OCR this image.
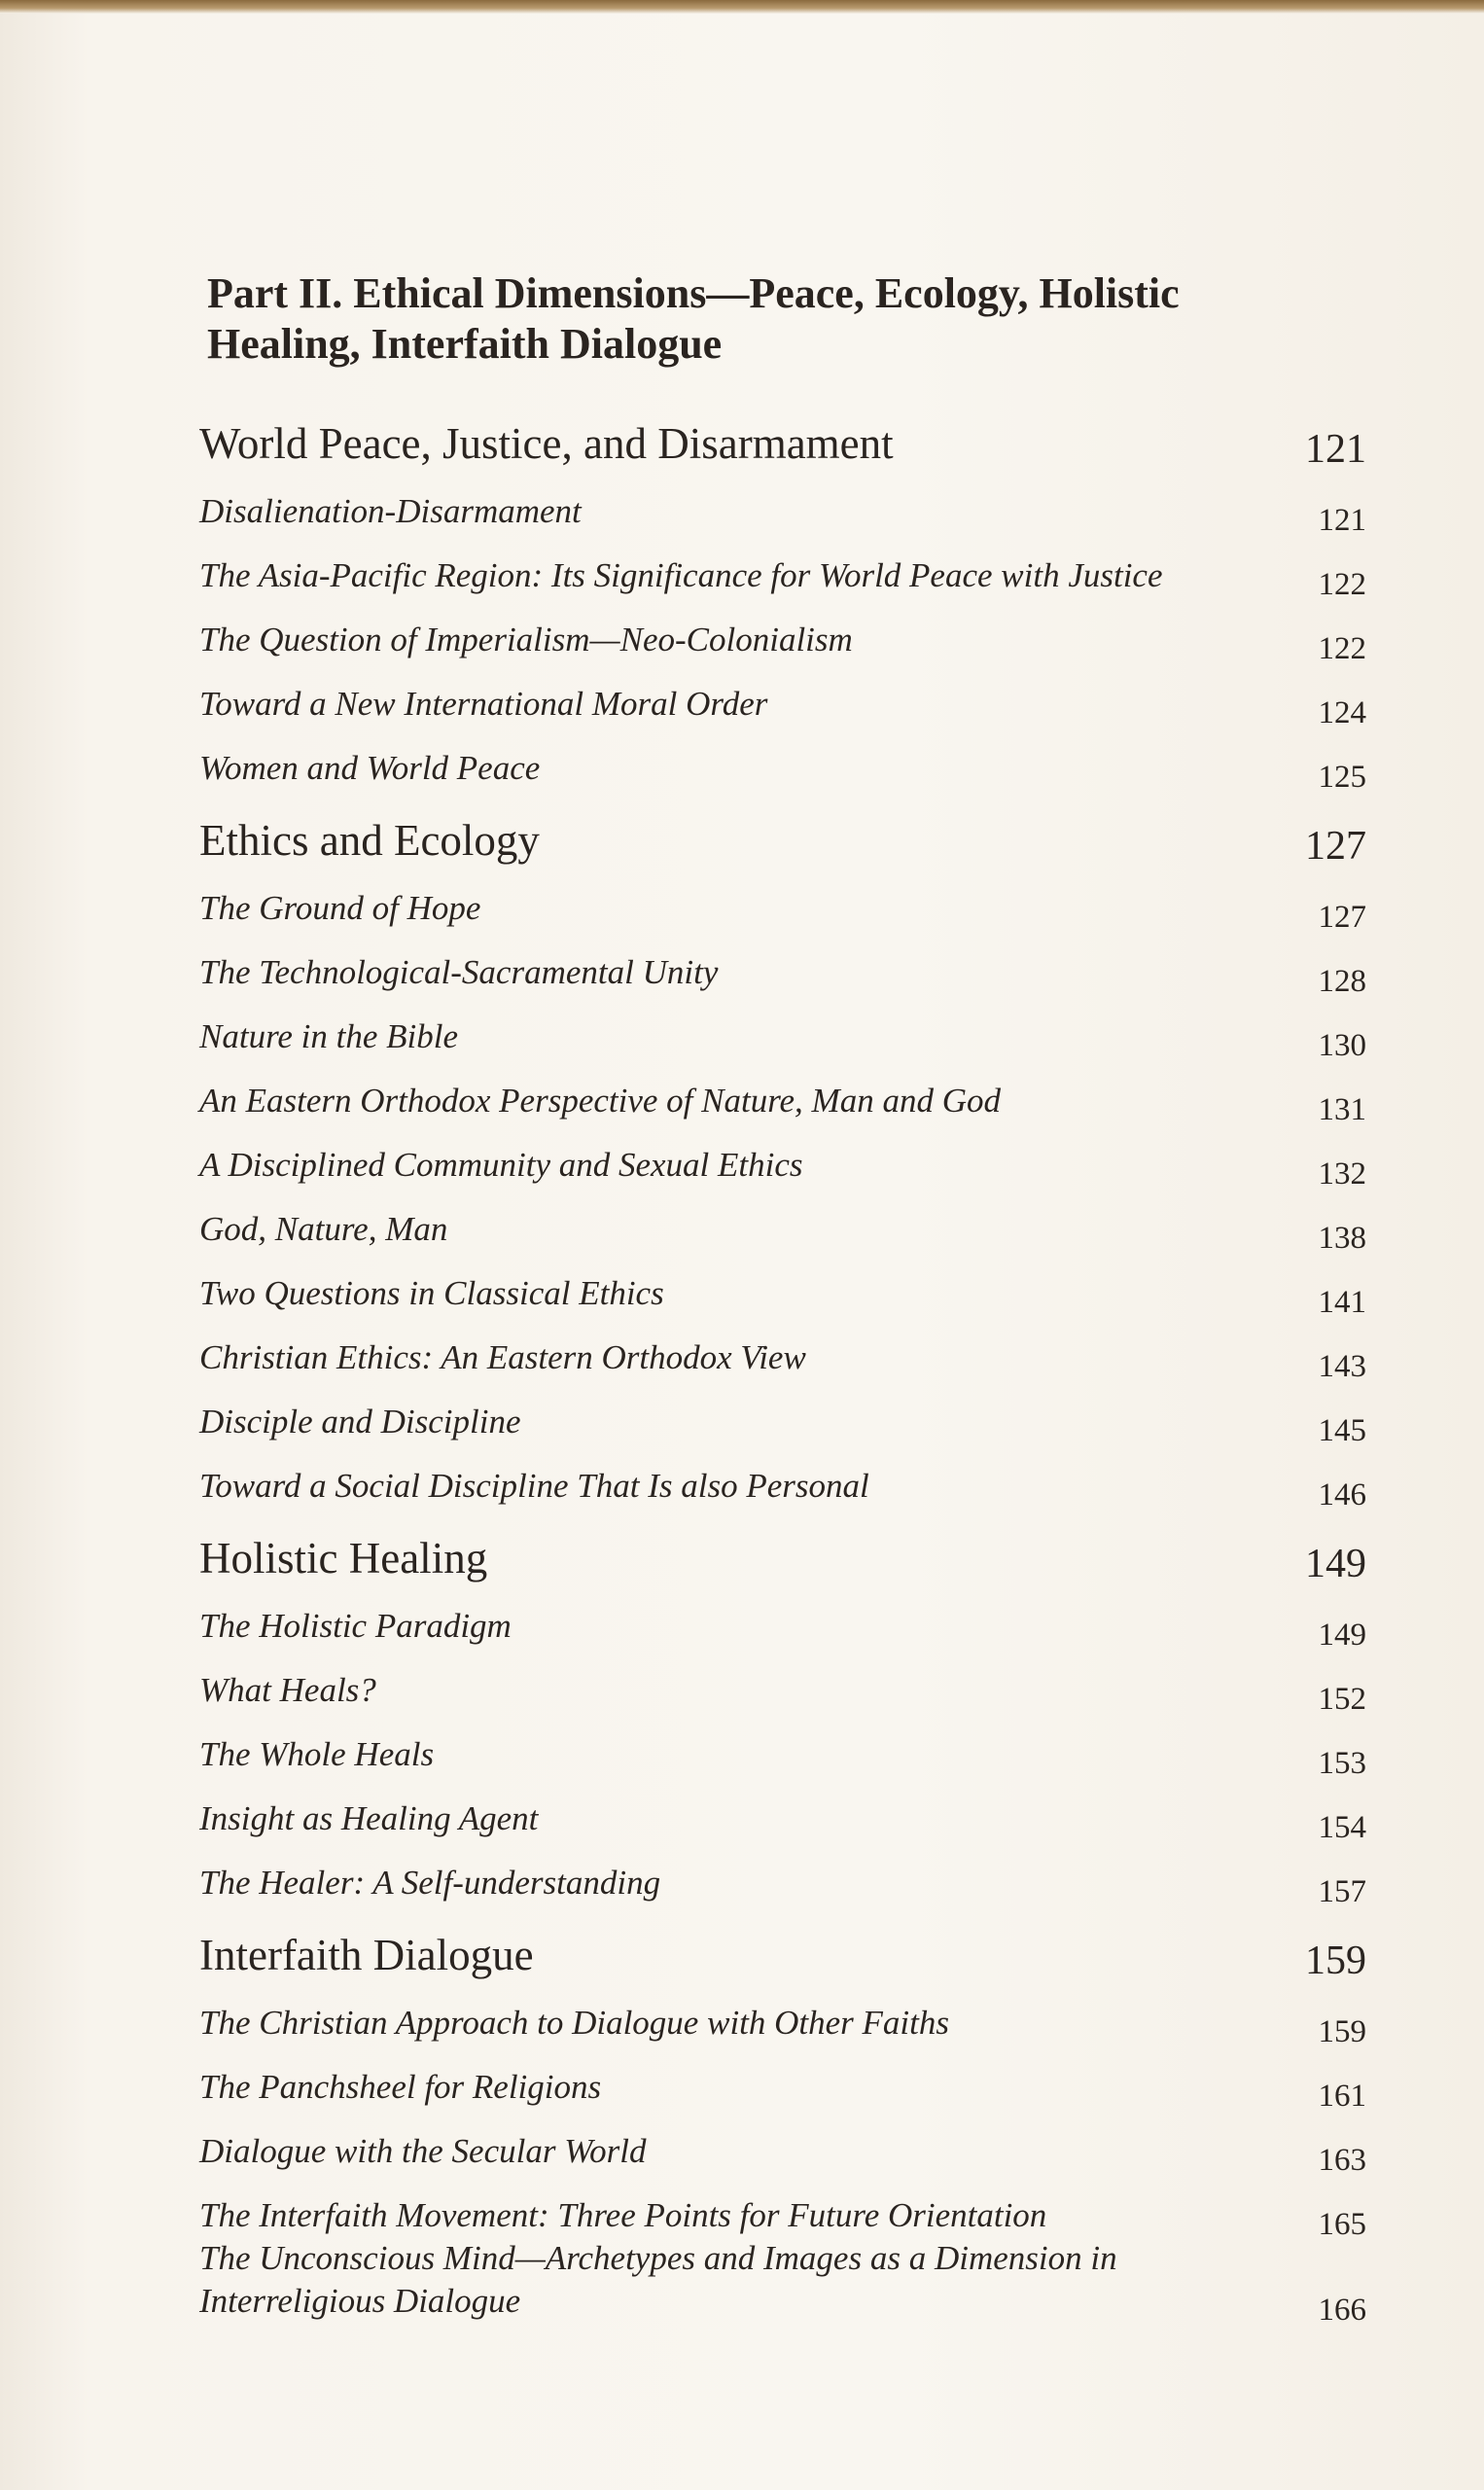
Part II. Ethical Dimensions—Peace, Ecology, Holistic Healing, Interfaith Dialogue
World Peace, Justice, and Disarmament	121
Disalienation-Disarmament	121
The Asia-Pacific Region: Its Significance for World Peace with Justice	122
The Question of Imperialism—Neo-Colonialism	122
Toward a New International Moral Order	124
Women and World Peace	125
Ethics and Ecology	127
The Ground of Hope	127
The Technological-Sacramental Unity	128
Nature in the Bible	130
An Eastern Orthodox Perspective of Nature, Man and God	131
A Disciplined Community and Sexual Ethics	132
God, Nature, Man	138
Two Questions in Classical Ethics	141
Christian Ethics: An Eastern Orthodox View	143
Disciple and Discipline	145
Toward a Social Discipline That Is also Personal	146
Holistic Healing	149
The Holistic Paradigm	149
What Heals?	152
The Whole Heals	153
Insight as Healing Agent	154
The Healer: A Self-understanding	157
Interfaith Dialogue	159
The Christian Approach to Dialogue with Other Faiths	159
The Panchsheel for Religions	161
Dialogue with the Secular World	163
The Interfaith Movement: Three Points for Future Orientation	165
The Unconscious Mind—Archetypes and Images as a Dimension in Interreligious Dialogue	166
